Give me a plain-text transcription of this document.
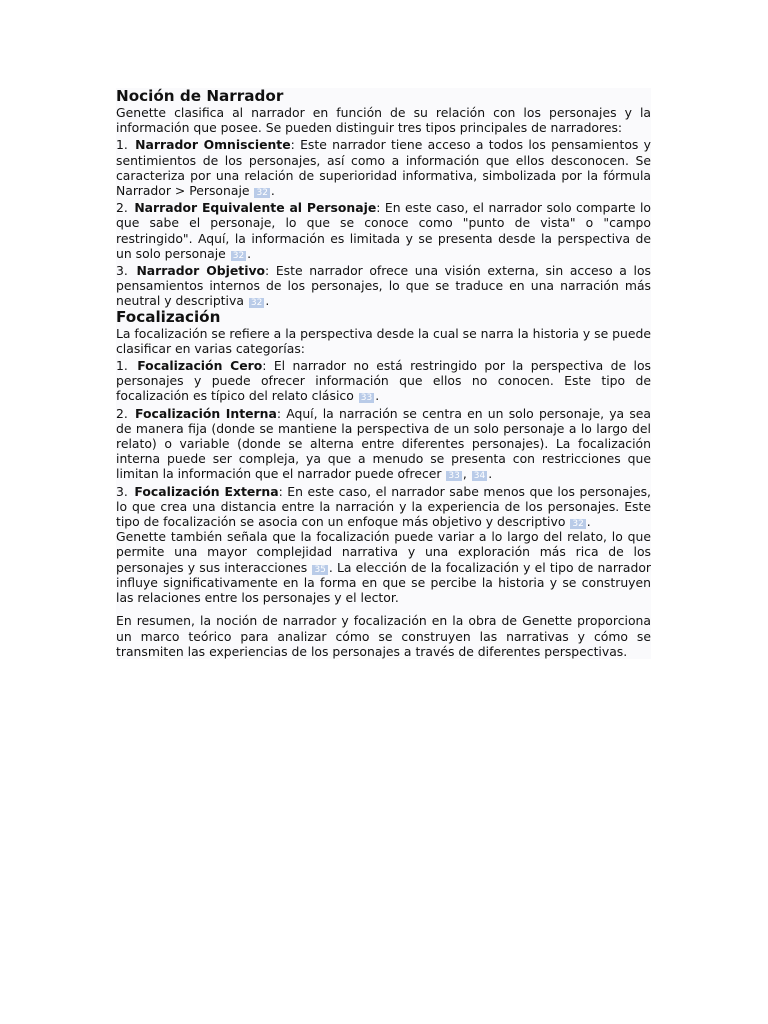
Noción de Narrador

Genette clasifica al narrador en función de su relación con los personajes y la información que posee. Se pueden distinguir tres tipos principales de narradores:

1. Narrador Omnisciente: Este narrador tiene acceso a todos los pensamientos y sentimientos de los personajes, así como a información que ellos desconocen. Se caracteriza por una relación de superioridad informativa, simbolizada por la fórmula Narrador > Personaje 32 .
2. Narrador Equivalente al Personaje: En este caso, el narrador solo comparte lo que sabe el personaje, lo que se conoce como "punto de vista" o "campo restringido". Aquí, la información es limitada y se presenta desde la perspectiva de un solo personaje 32 .
3. Narrador Objetivo: Este narrador ofrece una visión externa, sin acceso a los pensamientos internos de los personajes, lo que se traduce en una narración más neutral y descriptiva 32 .
Focalización

La focalización se refiere a la perspectiva desde la cual se narra la historia y se puede clasificar en varias categorías:

1. Focalización Cero: El narrador no está restringido por la perspectiva de los personajes y puede ofrecer información que ellos no conocen. Este tipo de focalización es típico del relato clásico 33 .
2. Focalización Interna: Aquí, la narración se centra en un solo personaje, ya sea de manera fija (donde se mantiene la perspectiva de un solo personaje a lo largo del relato) o variable (donde se alterna entre diferentes personajes). La focalización interna puede ser compleja, ya que a menudo se presenta con restricciones que limitan la información que el narrador puede ofrecer 33 , 34 .
3. Focalización Externa: En este caso, el narrador sabe menos que los personajes, lo que crea una distancia entre la narración y la experiencia de los personajes. Este tipo de focalización se asocia con un enfoque más objetivo y descriptivo 32 .

Genette también señala que la focalización puede variar a lo largo del relato, lo que permite una mayor complejidad narrativa y una exploración más rica de los personajes y sus interacciones 35 . La elección de la focalización y el tipo de narrador influye significativamente en la forma en que se percibe la historia y se construyen las relaciones entre los personajes y el lector.

En resumen, la noción de narrador y focalización en la obra de Genette proporciona un marco teórico para analizar cómo se construyen las narrativas y cómo se transmiten las experiencias de los personajes a través de diferentes perspectivas.
